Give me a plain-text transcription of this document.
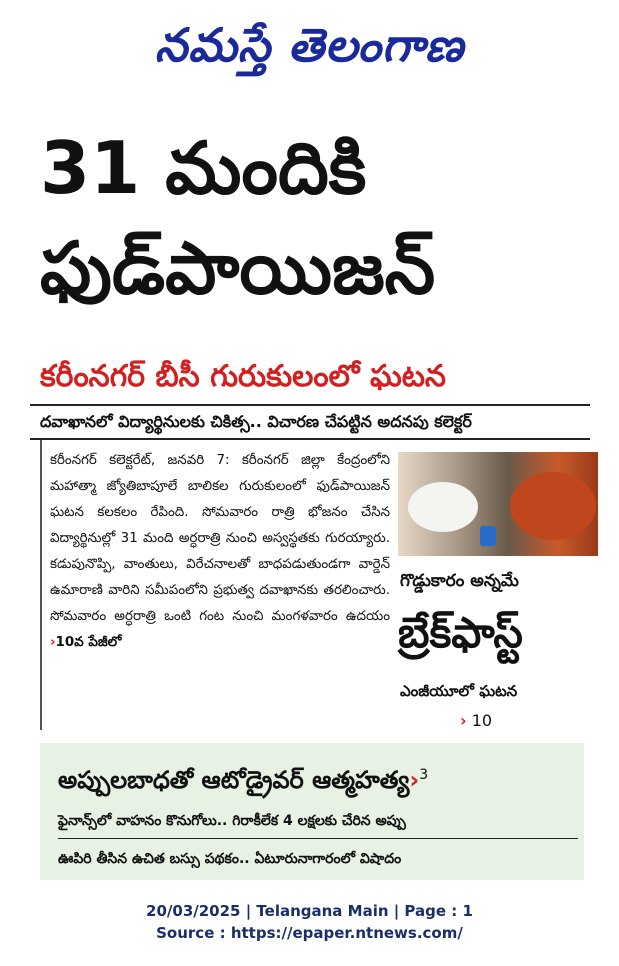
నమస్తే తెలంగాణ
31 మందికి
ఫుడ్‌పాయిజన్
కరీంనగర్ బీసీ గురుకులంలో ఘటన
దవాఖానలో విద్యార్థినులకు చికిత్స.. విచారణ చేపట్టిన అదనపు కలెక్టర్

కరీంనగర్ కలెక్టరేట్, జనవరి 7: కరీంనగర్ జిల్లా కేంద్రంలోని మహాత్మా జ్యోతిబాపూలే బాలికల గురుకులంలో ఫుడ్‌పాయిజన్ ఘటన కలకలం రేపింది. సోమవారం రాత్రి భోజనం చేసిన విద్యార్థినుల్లో 31 మంది అర్ధరాత్రి నుంచి అస్వస్థతకు గురయ్యారు. కడుపునొప్పి, వాంతులు, విరేచనాలతో బాధపడుతుండగా వార్డెన్ ఉమారాణి వారిని సమీపంలోని ప్రభుత్వ దవాఖానకు తరలించారు. సోమవారం అర్ధరాత్రి ఒంటి గంట నుంచి మంగళవారం ఉదయం ›10వ పేజీలో

గొడ్డుకారం అన్నమే
బ్రేక్‌ఫాస్ట్
ఎంజీయూలో ఘటన
› 10
అప్పులబాధతో ఆటోడ్రైవర్ ఆత్మహత్య›$^3$
ఫైనాన్స్‌లో వాహనం కొనుగోలు.. గిరాకీలేక 4 లక్షలకు చేరిన అప్పు
ఊపిరి తీసిన ఉచిత బస్సు పథకం.. ఏటూరునాగారంలో విషాదం
20/03/2025 | Telangana Main | Page : 1
Source : https://epaper.ntnews.com/
